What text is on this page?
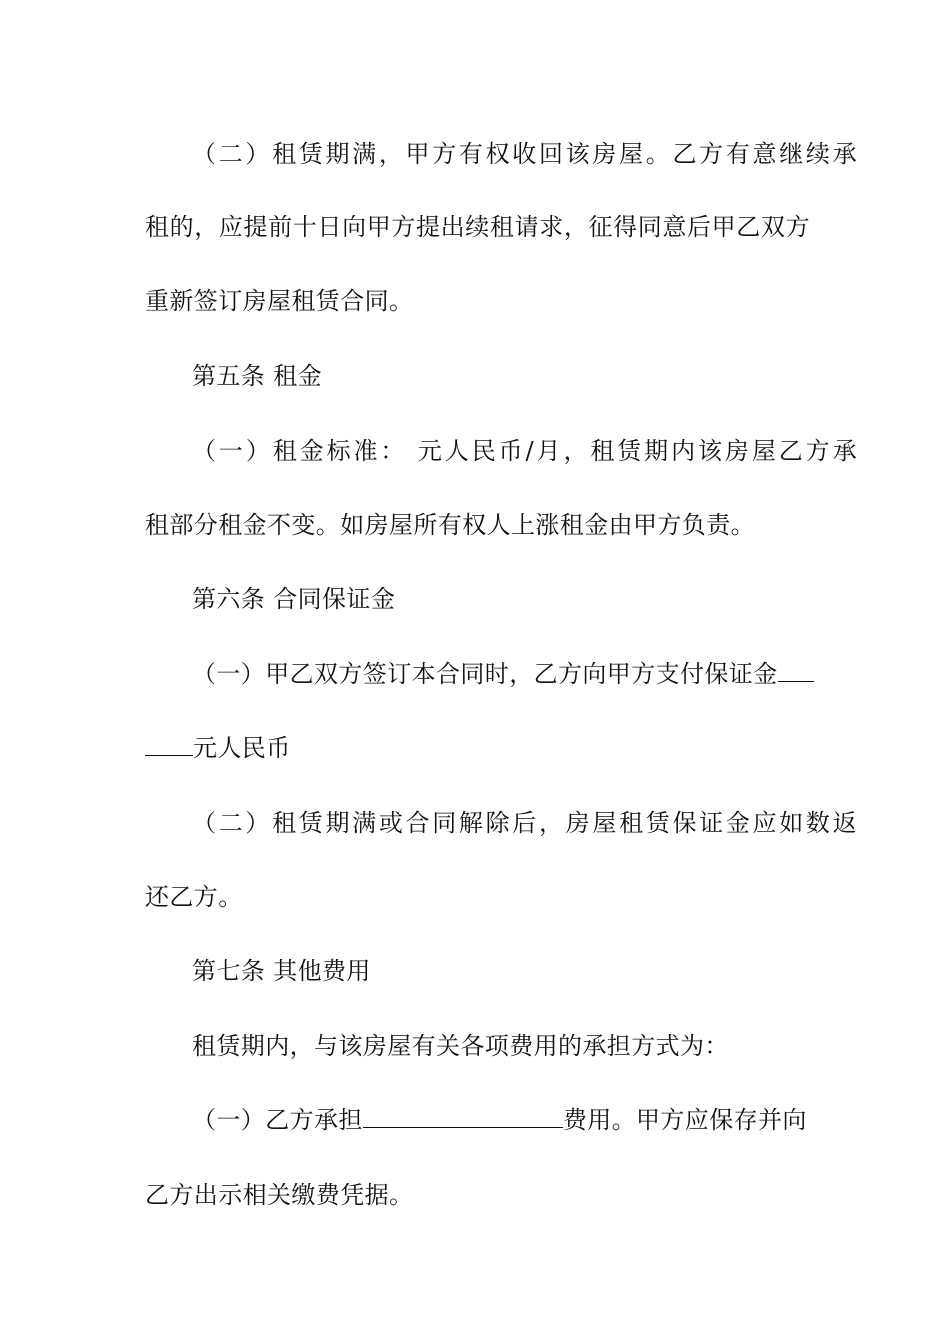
（二）租赁期满，甲方有权收回该房屋。乙方有意继续承
租的，应提前十日向甲方提出续租请求，征得同意后甲乙双方
重新签订房屋租赁合同。
第五条 租金
（一）租金标准： 元人民币/月，租赁期内该房屋乙方承
租部分租金不变。如房屋所有权人上涨租金由甲方负责。
第六条 合同保证金
（一）甲乙双方签订本合同时，乙方向甲方支付保证金
元人民币
（二）租赁期满或合同解除后，房屋租赁保证金应如数返
还乙方。
第七条 其他费用
租赁期内，与该房屋有关各项费用的承担方式为：
（一）乙方承担	费用。甲方应保存并向
乙方出示相关缴费凭据。
